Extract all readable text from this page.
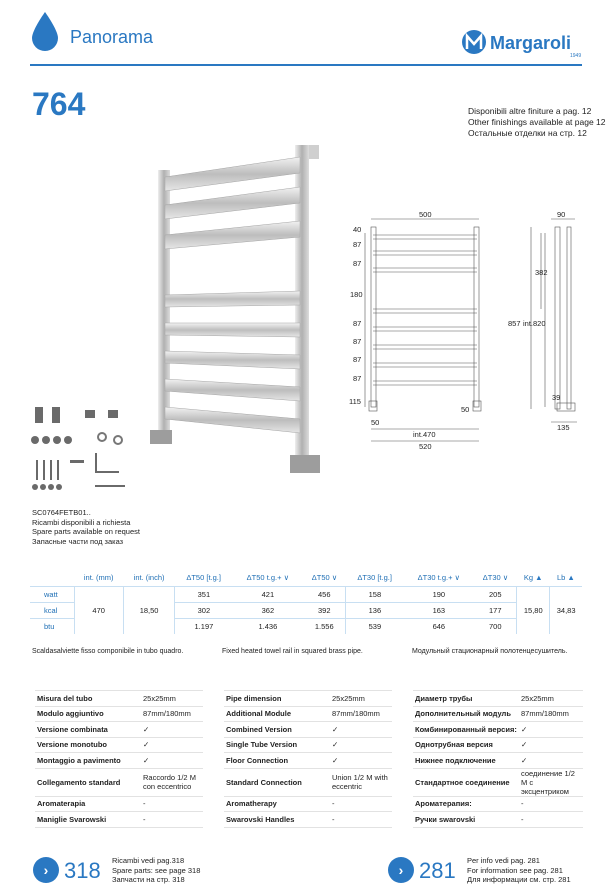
Panorama	Margaroli
1949
764	Disponibili altre finiture a pag. 12
Other finishings available at page 12
Остальные отделки на стр. 12
SC0764FETB01..
Ricambi disponibili a richiesta
Spare parts available on request
Запасные части под заказ
500	90
40
87
87
180
87
87
87
87
115
857 int.820
382
50
50
int.470
520
39
135
	int. (mm)	int. (inch)	ΔT50 [t.g.]	ΔT50 t.g.+ ∨	ΔT50 ∨	ΔT30 [t.g.]	ΔT30 t.g.+ ∨	ΔT30 ∨	Kg ▲	Lb ▲
watt	470	18,50	351	421	456	158	190	205	15,80	34,83
kcal			302	362	392	136	163	177		
btu			1.197	1.436	1.556	539	646	700		
Scaldasalviette fisso componibile in tubo quadro.	Fixed heated towel rail in squared brass pipe.	Модульный стационарный полотенцесушитель.
Misura del tubo	25x25mm
Modulo aggiuntivo	87mm/180mm
Versione combinata	✓
Versione monotubo	✓
Montaggio a pavimento	✓
Collegamento standard	Raccordo 1/2 M con eccentrico
Aromaterapia	-
Maniglie Svarowski	-
Pipe dimension	25x25mm
Additional Module	87mm/180mm
Combined Version	✓
Single Tube Version	✓
Floor Connection	✓
Standard Connection	Union 1/2 M with eccentric
Aromatherapy	-
Swarovski Handles	-
Диаметр трубы	25x25mm
Дополнительный модуль	87mm/180mm
Комбинированный версия:	✓
Однотрубная версия	✓
Нижнее подключение	✓
Стандартное соединение	соединение 1/2 M с эксцентриком
Ароматерапия:	-
Ручки swarovski	-
› 318 Ricambi vedi pag.318
Spare parts: see page 318
Запчасти на стр. 318
› 281 Per info vedi pag. 281
For information see pag. 281
Для информации см. стр. 281
